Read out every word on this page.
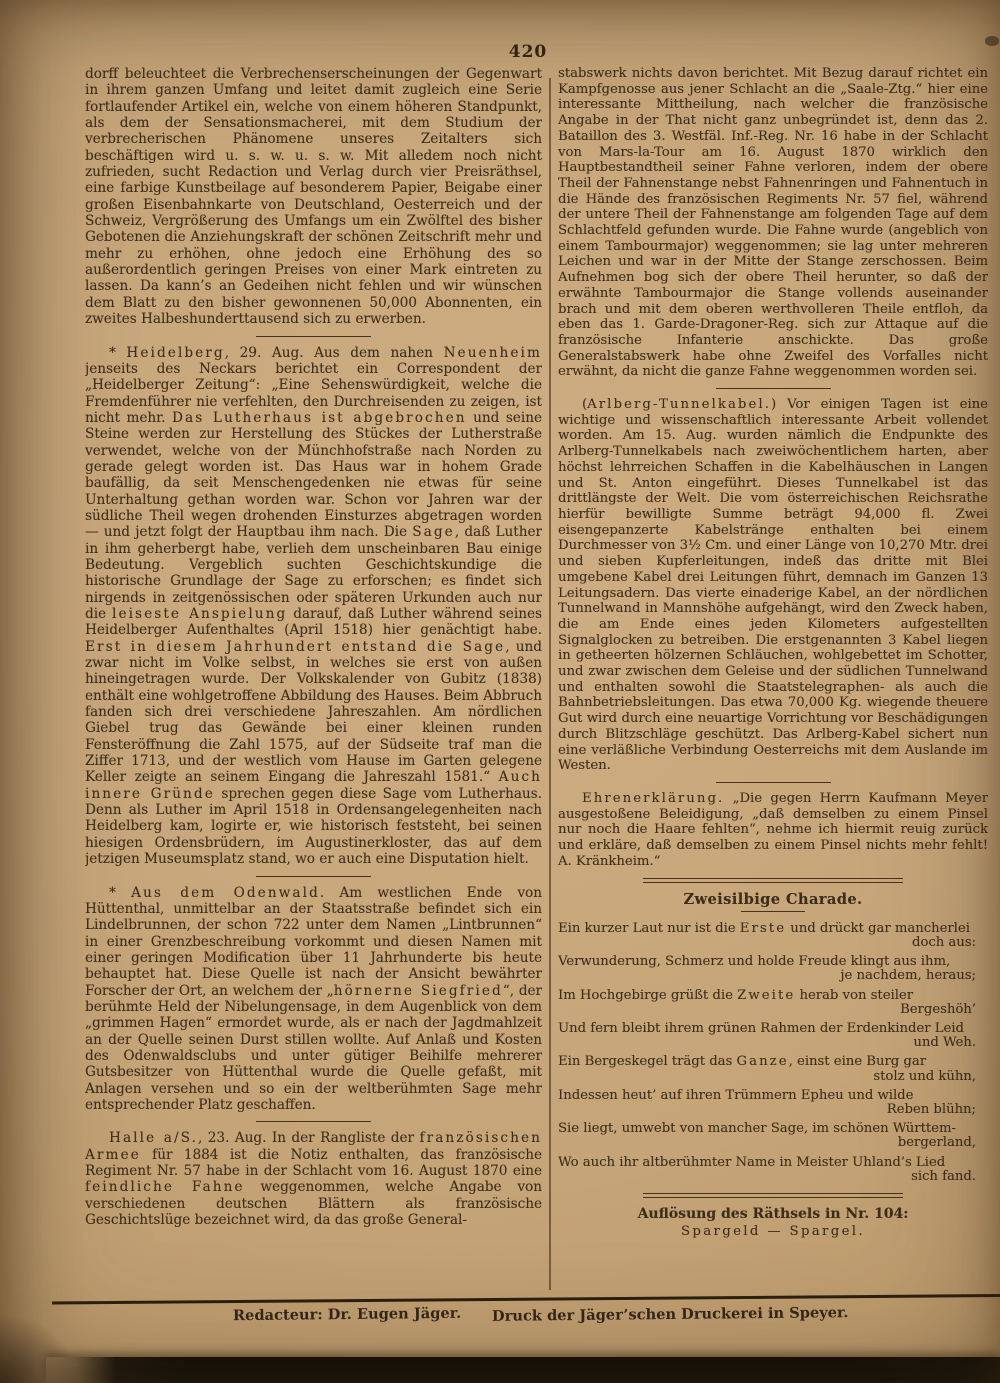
420

dorff beleuchteet die Verbrechenserscheinungen der Gegenwart in ihrem ganzen Umfang und leitet damit zugleich eine Serie fortlaufender Artikel ein, welche von einem höheren Standpunkt, als dem der Sensationsmacherei, mit dem Studium der verbrecherischen Phänomene unseres Zeitalters sich beschäftigen wird u. s. w. u. s. w. Mit alledem noch nicht zufrieden, sucht Redaction und Verlag durch vier Preisräthsel, eine farbige Kunstbeilage auf besonderem Papier, Beigabe einer großen Eisenbahnkarte von Deutschland, Oesterreich und der Schweiz, Vergrößerung des Umfangs um ein Zwölftel des bisher Gebotenen die Anziehungskraft der schönen Zeitschrift mehr und mehr zu erhöhen, ohne jedoch eine Erhöhung des so außerordentlich geringen Preises von einer Mark eintreten zu lassen. Da kann’s an Gedeihen nicht fehlen und wir wünschen dem Blatt zu den bisher gewonnenen 50,000 Abonnenten, ein zweites Halbeshunderttausend sich zu erwerben.

* Heidelberg, 29. Aug. Aus dem nahen Neuenheim jenseits des Neckars berichtet ein Correspondent der „Heidelberger Zeitung“: „Eine Sehenswürdigkeit, welche die Fremdenführer nie verfehlten, den Durchreisenden zu zeigen, ist nicht mehr. Das Lutherhaus ist abgebrochen und seine Steine werden zur Herstellung des Stückes der Lutherstraße verwendet, welche von der Münchhofstraße nach Norden zu gerade gelegt worden ist. Das Haus war in hohem Grade baufällig, da seit Menschengedenken nie etwas für seine Unterhaltung gethan worden war. Schon vor Jahren war der südliche Theil wegen drohenden Einsturzes abgetragen worden — und jetzt folgt der Hauptbau ihm nach. Die Sage, daß Luther in ihm geherbergt habe, verlieh dem unscheinbaren Bau einige Bedeutung. Vergeblich suchten Geschichtskundige die historische Grundlage der Sage zu erforschen; es findet sich nirgends in zeitgenössischen oder späteren Urkunden auch nur die leiseste Anspielung darauf, daß Luther während seines Heidelberger Aufenthaltes (April 1518) hier genächtigt habe. Erst in diesem Jahrhundert entstand die Sage, und zwar nicht im Volke selbst, in welches sie erst von außen hineingetragen wurde. Der Volkskalender von Gubitz (1838) enthält eine wohlgetroffene Abbildung des Hauses. Beim Abbruch fanden sich drei verschiedene Jahreszahlen. Am nördlichen Giebel trug das Gewände bei einer kleinen runden Fensteröffnung die Zahl 1575, auf der Südseite traf man die Ziffer 1713, und der westlich vom Hause im Garten gelegene Keller zeigte an seinem Eingang die Jahreszahl 1581.“ Auch innere Gründe sprechen gegen diese Sage vom Lutherhaus. Denn als Luther im April 1518 in Ordensangelegenheiten nach Heidelberg kam, logirte er, wie historisch feststeht, bei seinen hiesigen Ordensbrüdern, im Augustinerkloster, das auf dem jetzigen Museumsplatz stand, wo er auch eine Disputation hielt.

* Aus dem Odenwald. Am westlichen Ende von Hüttenthal, unmittelbar an der Staatsstraße befindet sich ein Lindelbrunnen, der schon 722 unter dem Namen „Lintbrunnen“ in einer Grenzbeschreibung vorkommt und diesen Namen mit einer geringen Modification über 11 Jahrhunderte bis heute behauptet hat. Diese Quelle ist nach der Ansicht bewährter Forscher der Ort, an welchem der „hörnerne Siegfried“, der berühmte Held der Nibelungensage, in dem Augenblick von dem „grimmen Hagen“ ermordet wurde, als er nach der Jagdmahlzeit an der Quelle seinen Durst stillen wollte. Auf Anlaß und Kosten des Odenwaldsclubs und unter gütiger Beihilfe mehrerer Gutsbesitzer von Hüttenthal wurde die Quelle gefaßt, mit Anlagen versehen und so ein der weltberühmten Sage mehr entsprechender Platz geschaffen.

Halle a/S., 23. Aug. In der Rangliste der französischen Armee für 1884 ist die Notiz enthalten, das französische Regiment Nr. 57 habe in der Schlacht vom 16. August 1870 eine feindliche Fahne weggenommen, welche Angabe von verschiedenen deutschen Blättern als französische Geschichtslüge bezeichnet wird, da das große General-

stabswerk nichts davon berichtet. Mit Bezug darauf richtet ein Kampfgenosse aus jener Schlacht an die „Saale-Ztg.“ hier eine interessante Mittheilung, nach welcher die französische Angabe in der That nicht ganz unbegründet ist, denn das 2. Bataillon des 3. Westfäl. Inf.-Reg. Nr. 16 habe in der Schlacht von Mars-la-Tour am 16. August 1870 wirklich den Hauptbestandtheil seiner Fahne verloren, indem der obere Theil der Fahnenstange nebst Fahnenringen und Fahnentuch in die Hände des französischen Regiments Nr. 57 fiel, während der untere Theil der Fahnenstange am folgenden Tage auf dem Schlachtfeld gefunden wurde. Die Fahne wurde (angeblich von einem Tambourmajor) weggenommen; sie lag unter mehreren Leichen und war in der Mitte der Stange zerschossen. Beim Aufnehmen bog sich der obere Theil herunter, so daß der erwähnte Tambourmajor die Stange vollends auseinander brach und mit dem oberen werthvolleren Theile entfloh, da eben das 1. Garde-Dragoner-Reg. sich zur Attaque auf die französische Infanterie anschickte. Das große Generalstabswerk habe ohne Zweifel des Vorfalles nicht erwähnt, da nicht die ganze Fahne weggenommen worden sei.

(Arlberg-Tunnelkabel.) Vor einigen Tagen ist eine wichtige und wissenschaftlich interessante Arbeit vollendet worden. Am 15. Aug. wurden nämlich die Endpunkte des Arlberg-Tunnelkabels nach zweiwöchentlichem harten, aber höchst lehrreichen Schaffen in die Kabelhäuschen in Langen und St. Anton eingeführt. Dieses Tunnelkabel ist das drittlängste der Welt. Die vom österreichischen Reichsrathe hierfür bewilligte Summe beträgt 94,000 fl. Zwei eisengepanzerte Kabelstränge enthalten bei einem Durchmesser von 3½ Cm. und einer Länge von 10,270 Mtr. drei und sieben Kupferleitungen, indeß das dritte mit Blei umgebene Kabel drei Leitungen führt, demnach im Ganzen 13 Leitungsadern. Das vierte einaderige Kabel, an der nördlichen Tunnelwand in Mannshöhe aufgehängt, wird den Zweck haben, die am Ende eines jeden Kilometers aufgestellten Signalglocken zu betreiben. Die erstgenannten 3 Kabel liegen in getheerten hölzernen Schläuchen, wohlgebettet im Schotter, und zwar zwischen dem Geleise und der südlichen Tunnelwand und enthalten sowohl die Staatstelegraphen- als auch die Bahnbetriebsleitungen. Das etwa 70,000 Kg. wiegende theuere Gut wird durch eine neuartige Vorrichtung vor Beschädigungen durch Blitzschläge geschützt. Das Arlberg-Kabel sichert nun eine verläßliche Verbindung Oesterreichs mit dem Auslande im Westen.

Ehrenerklärung. „Die gegen Herrn Kaufmann Meyer ausgestoßene Beleidigung, „daß demselben zu einem Pinsel nur noch die Haare fehlten“, nehme ich hiermit reuig zurück und erkläre, daß demselben zu einem Pinsel nichts mehr fehlt! A. Kränkheim.“

Zweisilbige Charade.
Ein kurzer Laut nur ist die Erste und drückt gar mancherlei
doch aus:
Verwunderung, Schmerz und holde Freude klingt aus ihm,
je nachdem, heraus;
Im Hochgebirge grüßt die Zweite herab von steiler
Bergeshöh’
Und fern bleibt ihrem grünen Rahmen der Erdenkinder Leid
und Weh.
Ein Bergeskegel trägt das Ganze, einst eine Burg gar
stolz und kühn,
Indessen heut’ auf ihren Trümmern Epheu und wilde
Reben blühn;
Sie liegt, umwebt von mancher Sage, im schönen Württem-
bergerland,
Wo auch ihr altberühmter Name in Meister Uhland’s Lied
sich fand.
Auflösung des Räthsels in Nr. 104:
Spargeld — Spargel.
Redacteur: Dr. Eugen Jäger. Druck der Jäger’schen Druckerei in Speyer.
